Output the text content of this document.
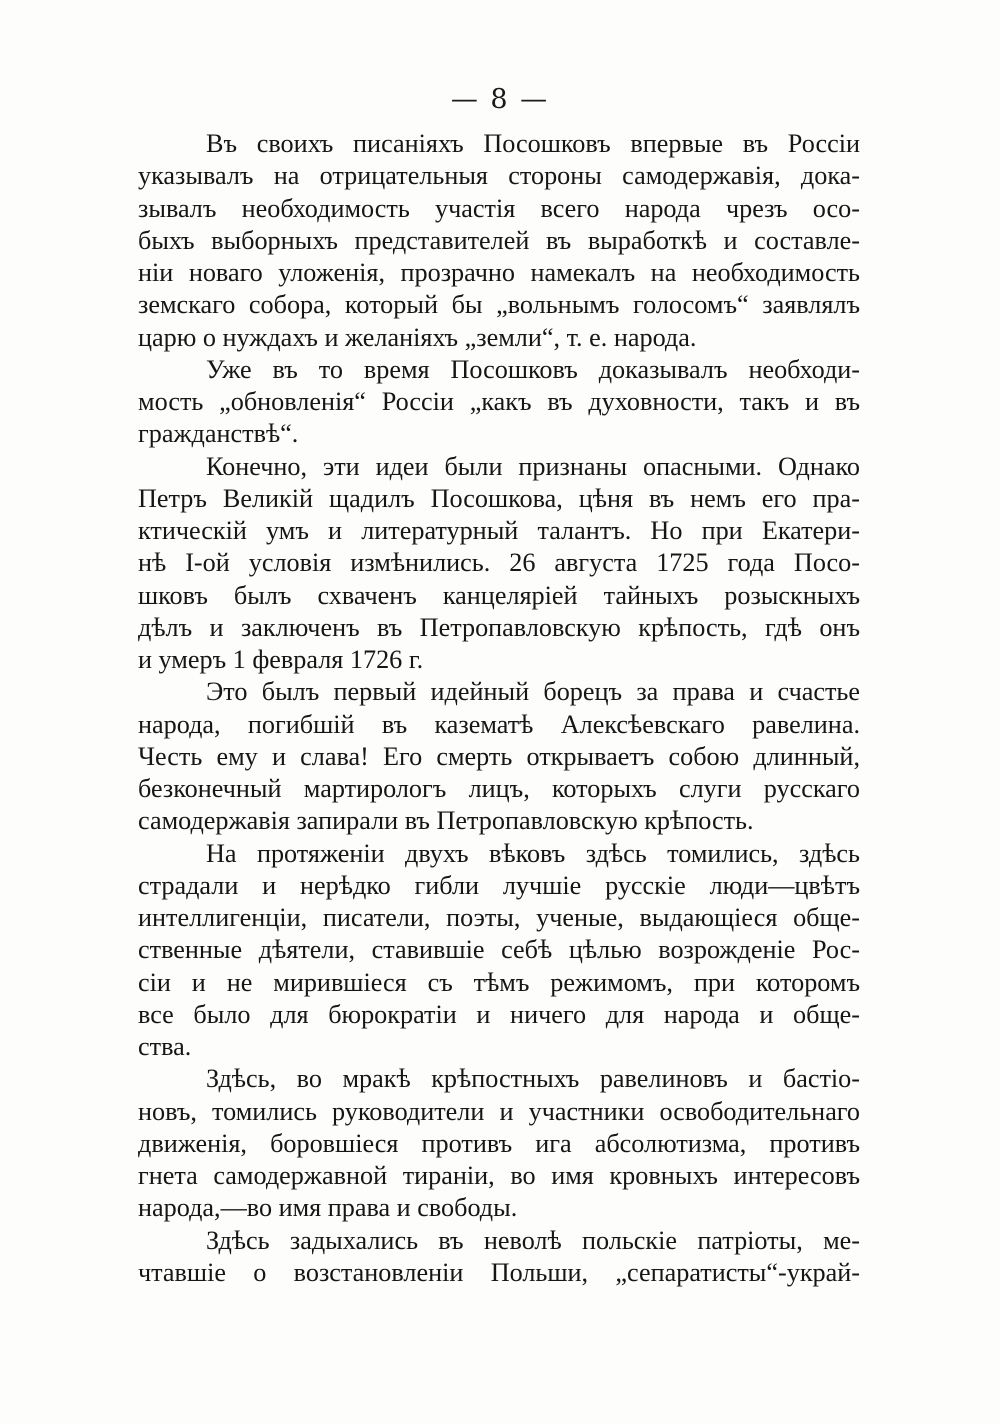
— 8 —
Въ своихъ писаніяхъ Посошковъ впервые въ Россіи
указывалъ на отрицательныя стороны самодержавія, дока-
зывалъ необходимость участія всего народа чрезъ осо-
быхъ выборныхъ представителей въ выработкѣ и составле-
ніи новаго уложенія, прозрачно намекалъ на необходимость
земскаго собора, который бы „вольнымъ голосомъ“ заявлялъ
царю о нуждахъ и желаніяхъ „земли“, т. е. народа.
Уже въ то время Посошковъ доказывалъ необходи-
мость „обновленія“ Россіи „какъ въ духовности, такъ и въ
гражданствѣ“.
Конечно, эти идеи были признаны опасными. Однако
Петръ Великій щадилъ Посошкова, цѣня въ немъ его пра-
ктическій умъ и литературный талантъ. Но при Екатери-
нѣ І-ой условія измѣнились. 26 августа 1725 года Посо-
шковъ былъ схваченъ канцеляріей тайныхъ розыскныхъ
дѣлъ и заключенъ въ Петропавловскую крѣпость, гдѣ онъ
и умеръ 1 февраля 1726 г.
Это былъ первый идейный борецъ за права и счастье
народа, погибшій въ казематѣ Алексѣевскаго равелина.
Честь ему и слава! Его смерть открываетъ собою длинный,
безконечный мартирологъ лицъ, которыхъ слуги русскаго
самодержавія запирали въ Петропавловскую крѣпость.
На протяженіи двухъ вѣковъ здѣсь томились, здѣсь
страдали и нерѣдко гибли лучшіе русскіе люди—цвѣтъ
интеллигенціи, писатели, поэты, ученые, выдающіеся обще-
ственные дѣятели, ставившіе себѣ цѣлью возрожденіе Рос-
сіи и не мирившіеся съ тѣмъ режимомъ, при которомъ
все было для бюрократіи и ничего для народа и обще-
ства.
Здѣсь, во мракѣ крѣпостныхъ равелиновъ и бастіо-
новъ, томились руководители и участники освободительнаго
движенія, боровшіеся противъ ига абсолютизма, противъ
гнета самодержавной тираніи, во имя кровныхъ интересовъ
народа,—во имя права и свободы.
Здѣсь задыхались въ неволѣ польскіе патріоты, ме-
чтавшіе о возстановленіи Польши, „сепаратисты“-украй-
